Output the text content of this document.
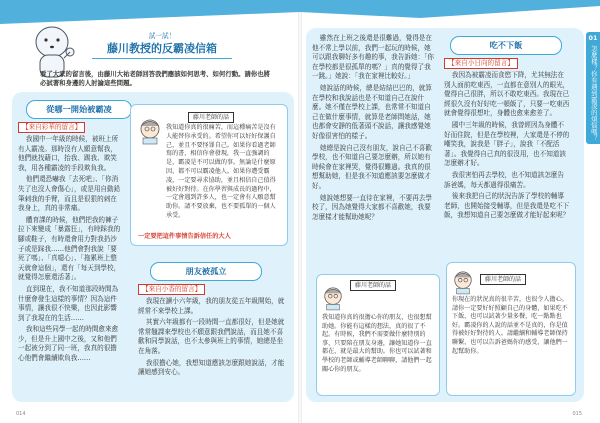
試一試！
藤川教授的反霸凌信箱
看了大家的留言後，由藤川大祐老師回答我們應該如何思考、如何行動。請你也將必試著和身邊的人討論這些問題。
從哪一開始被霸凌
【來自彩華的留言】

我國中一年級的時候，被班上所有人霸凌。那時沒有人願意幫我，他們就找藉口，抬我、踢我、欺笑我，用各種霸凌的手段欺負我。

他們還恐嚇我「去死吧」、「你消失了也沒人會傷心」，或是用自動鉛筆刺我的手臂，而且是很狠的刺在我身上，真的非常痛。

體育課的時候，他們把我的褲子拉下來變成「暴露狂」，有時踩我的腳或鞋子，有時還會用力對我扔沙子或是踩我……他們會對我說「要死了嗎」、「真噁心」、「拖累班上整天就會這個」，還有「每天到學校，就覺得怎麼還活著」。

直到現在，我不知道那段時間為什麼會發生這樣的事情？因為這件事情，讓我很不快樂，也因此影響到了我現在的生活……

我和這些同學一起的時間愈來愈少，但是升上國中之後，又和他們一起被分到了同一班，我真的很擔心他們會繼續欺負我……

藤川老師的話
我知道你真的很痛苦，而這種痛苦是沒有人能替你承受的。希望你可以好好保護自己，並且不要怪罪自己。如果你看過老師寫的書，相信你會發現，我一直強調的是，霸凌是不可以做的事。無論是什麼原因，都不可以霸凌他人。如果你遭受霸凌，一定要尋求協助，並且相信自己值得被好好對待。在你學習與成長的過程中，一定會遇到許多人，也一定會有人願意幫助你。請不要放棄，也不要孤單的一個人承受。
一定要把這件事情告訴信任的大人
朋友被孤立
【來自小香的留言】

我現在讀小六年級，我的朋友從五年級開始，就經常不來學校上課。

其實六年級都有一段時間一直都很好，但是她就常常翹課來學校也不願意跟我們說話，而且她不喜歡和同學說話，也不太參與班上的事情，她總是坐在角落。

我很擔心她，我想知道應該怎麼跟她說話，才能讓她感到安心。

雖然在上班之後還是很難過，覺得是在他不常上學以前，我們一起玩的時候，她可以跟我聊好多有趣的事，我告訴她：「你在學校都是很孤單的嗎？」真的覺得了我一跳。」她說：「我在家裡比較好。」

她說話的時候，總是結結巴巴的，就算在學校和我說話也是不知道自己在說什麼。她不僅在學校上課，也常常不知道自己在做什麼事情，就算是老師問她話，她也都會安靜的低著頭不說話，讓我感覺她好像很害怕的樣子。

她總是說自己沒有朋友，說自己不喜歡學校，也不知道自己要怎麼辦，所以她有時候會在家裡哭，覺得很難過。我真的很想幫助她，但是我不知道應該要怎麼做才好。

她說她想要一直待在家裡，不要再去學校了，因為她覺得大家都不喜歡她，我要怎麼樣才能幫助她呢？

吃不下飯
【來自小日向的留言】

我因為被霸凌而食慾下降，尤其無法在別人面前吃東西，一直都在意別人的眼光，覺得自己很胖，所以不敢吃東西。我現在已經很久沒有好好吃一頓飯了，只要一吃東西就會覺得很想吐，身體也愈來愈差了。

國中三年級的時候，我曾經因為身體不好而住院，但是在學校裡，大家還是不停的嘲笑我，說我是「胖子」，說我「不配活著」。我覺得自己真的很沒用，也不知道該怎麼辦才好。

我很害怕再去學校，也不知道該怎麼告訴爸媽，每天都過得很痛苦。

後來我把自己的狀況告訴了學校的輔導老師，也開始接受輔導，但是我還是吃不下飯，我想知道自己要怎麼做才能好起來呢？

藤川老師的話
我知道你真的很擔心你的朋友，也很想幫助她。你能有這樣的想法，真的很了不起。有時候，我們不需要做什麼特別的事，只要陪在朋友身邊，讓她知道你一直都在，就是最大的幫助。你也可以試著和學校的老師或輔導老師聊聊，請他們一起關心你的朋友。
藤川老師的話
你現在的狀況真的很辛苦，也很令人擔心。請你一定要好好照顧自己的身體，如果吃不下飯，也可以試著少量多餐，吃一點點也好。霸凌你的人說的話並不是真的，你是值得被好好對待的人。請繼續和輔導老師保持聯繫，也可以告訴爸媽你的感受，讓他們一起幫助你。
01
怎麼樣？你有遇到霸凌的煩惱嗎？
014	015
